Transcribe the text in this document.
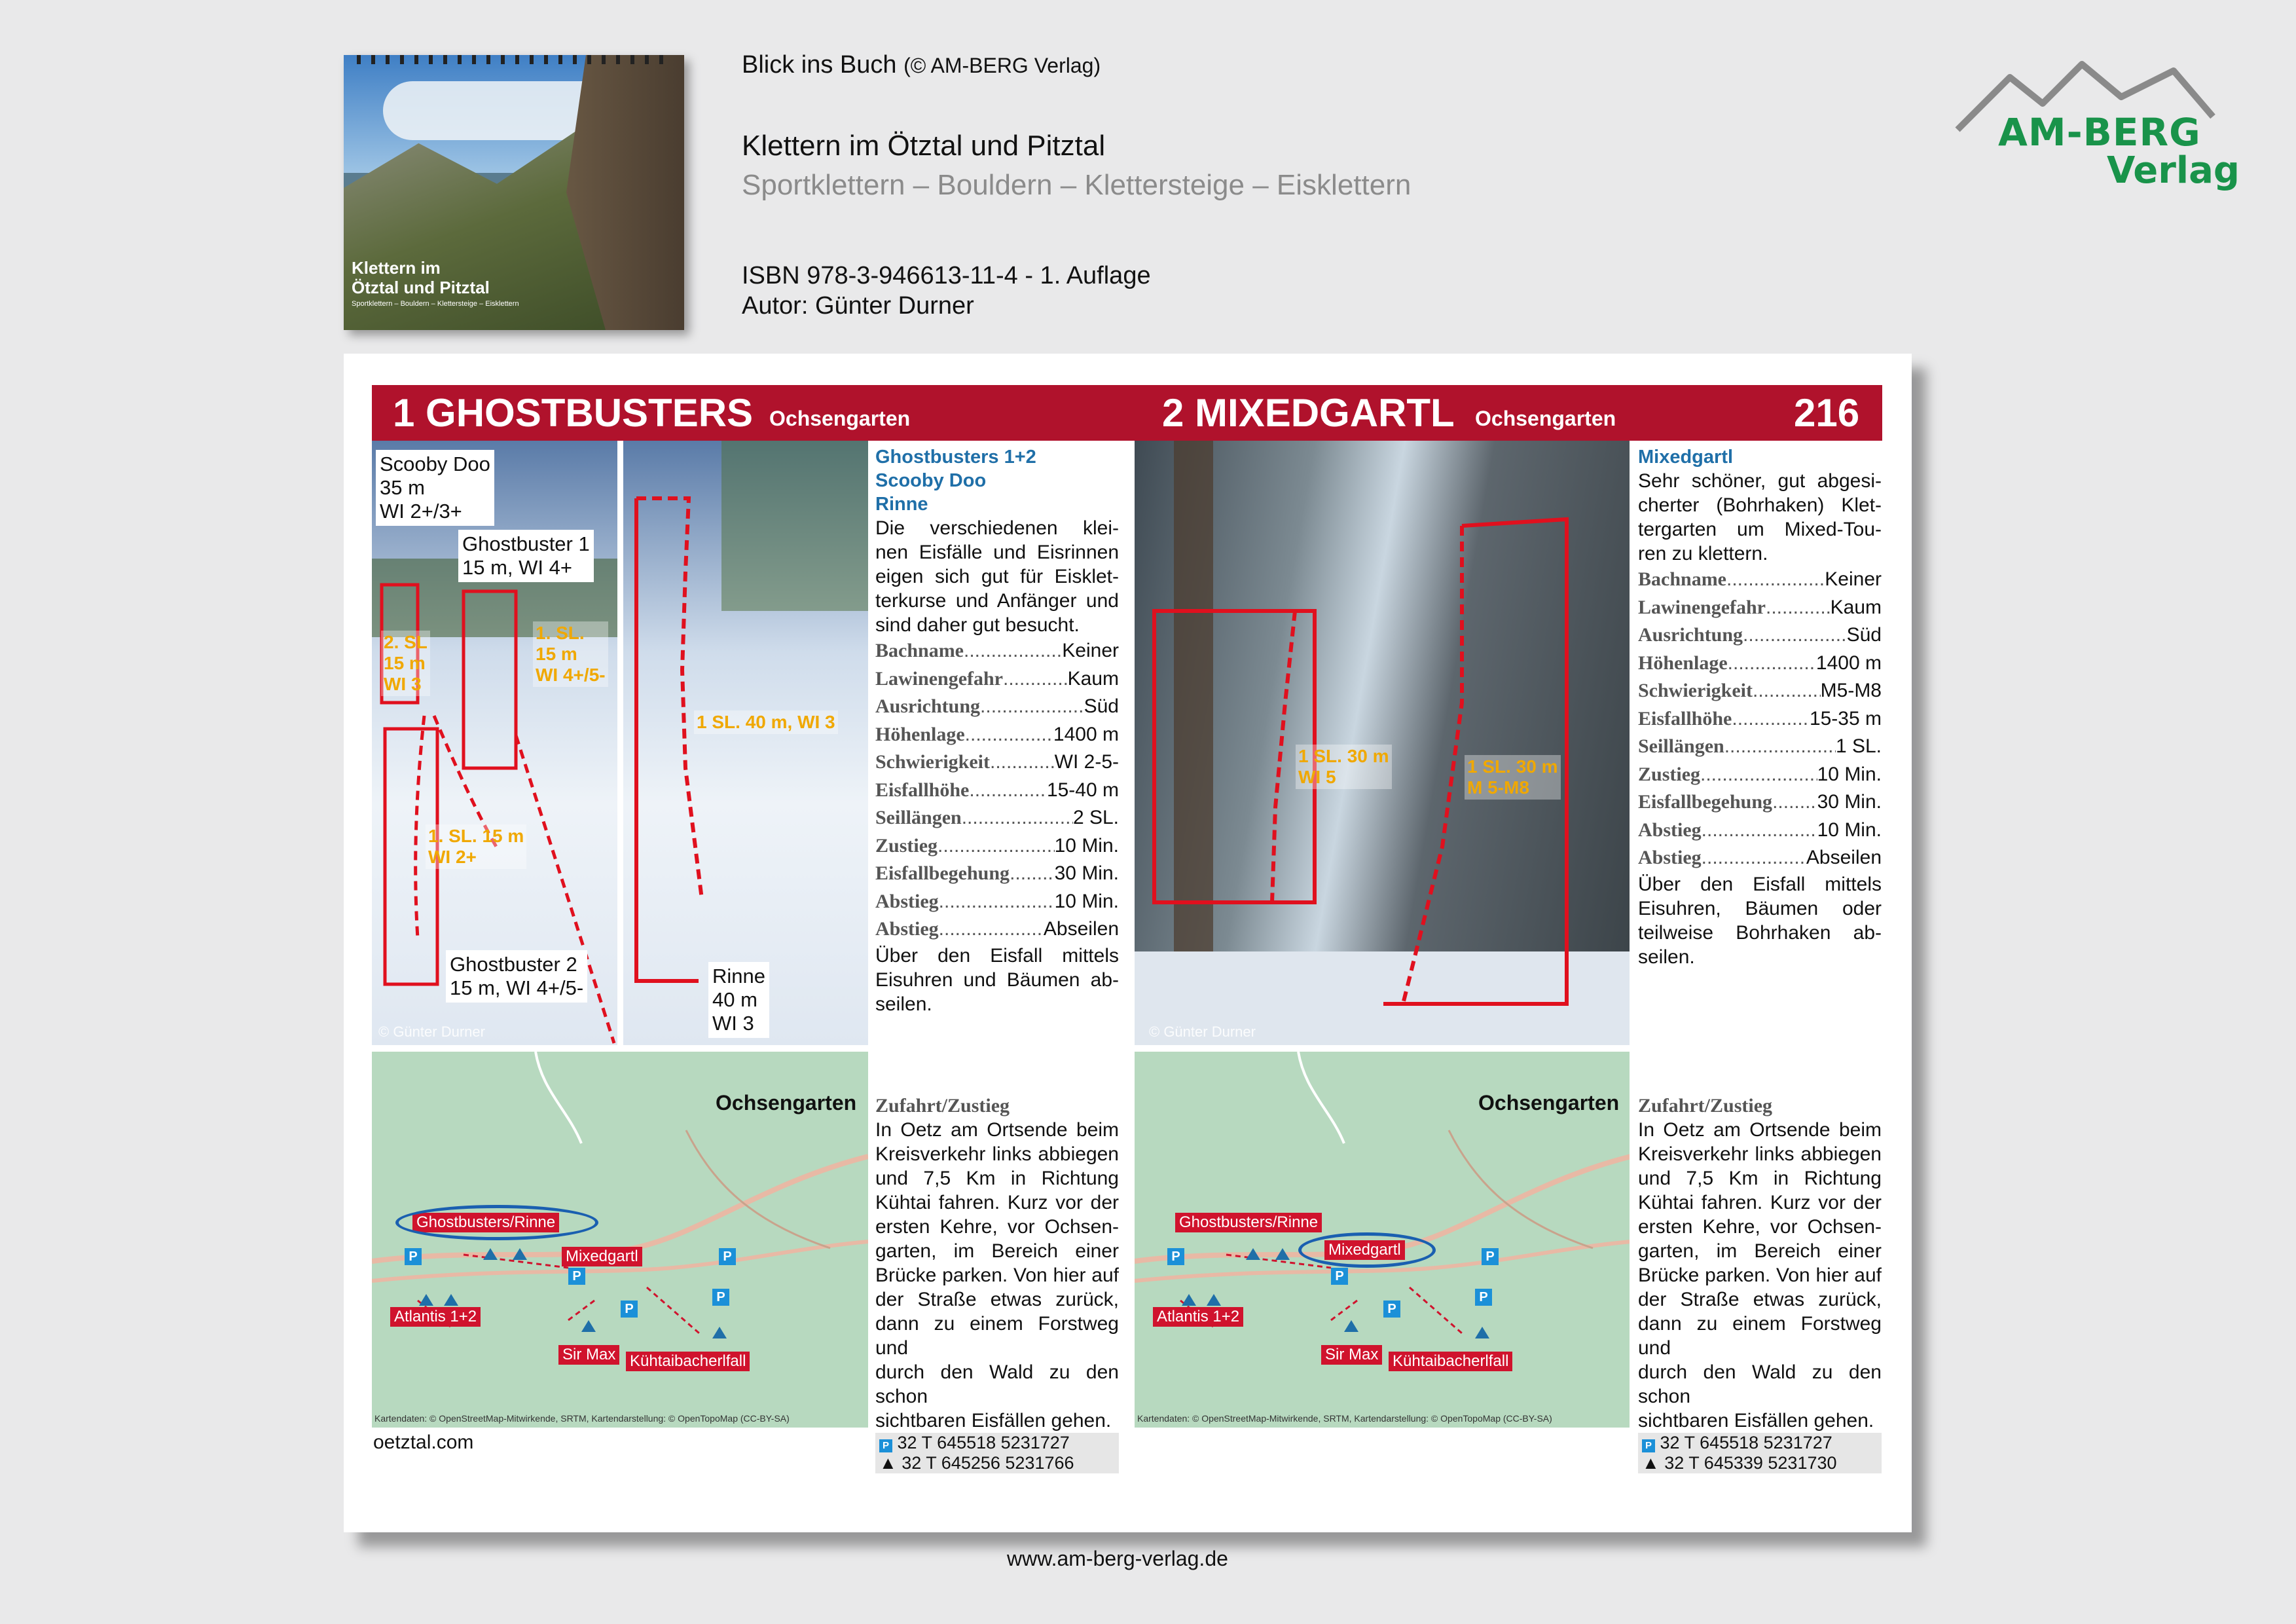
Klettern im
Ötztal und Pitztal
Sportklettern – Bouldern – Klettersteige – Eisklettern
Blick ins Buch (© AM-BERG Verlag)
Klettern im Ötztal und Pitztal
Sportklettern – Bouldern – Klettersteige – Eisklettern
ISBN 978-3-946613-11-4 - 1. Auflage
Autor: Günter Durner
AM-BERG
Verlag
1 GHOSTBUSTERS Ochsengarten	2 MIXEDGARTL Ochsengarten	216
Scooby Doo
35 m
WI 2+/3+
Ghostbuster 1
15 m, WI 4+
2. SL
15 m
WI 3
1. SL.
15 m
WI 4+/5-
1. SL. 15 m
WI 2+
Ghostbuster 2
15 m, WI 4+/5-
© Günter Durner
1 SL. 40 m, WI 3
Rinne
40 m
WI 3
Ghostbusters 1+2
Scooby Doo
Rinne
Die verschiedenen klei-
nen Eisfälle und Eisrinnen
eigen sich gut für Eisklet-
terkurse und Anfänger und
sind daher gut besucht.
Bachname .....	Keiner
Lawinengefahr .....	Kaum
Ausrichtung .....	Süd
Höhenlage .....	1400 m
Schwierigkeit .....	WI 2-5-
Eisfallhöhe .....	15-40 m
Seillängen .....	2 SL.
Zustieg .....	10 Min.
Eisfallbegehung ..... 30 Min.
Abstieg .....	10 Min.
Abstieg .....	Abseilen
Über den Eisfall mittels
Eisuhren und Bäumen ab-
seilen.
1 SL. 30 m
WI 5
1 SL. 30 m
M 5-M8
© Günter Durner
Mixedgartl
Sehr schöner, gut abgesi-
cherter (Bohrhaken) Klet-
tergarten um Mixed-Tou-
ren zu klettern.
Bachname .....	Keiner
Lawinengefahr .....	Kaum
Ausrichtung .....	Süd
Höhenlage .....	1400 m
Schwierigkeit .....	M5-M8
Eisfallhöhe .....	15-35 m
Seillängen .....	1 SL.
Zustieg .....	10 Min.
Eisfallbegehung ..... 30 Min.
Abstieg .....	10 Min.
Abstieg .....	Abseilen
Über den Eisfall mittels
Eisuhren, Bäumen oder
teilweise Bohrhaken ab-
seilen.
Ochsengarten
Ghostbusters/Rinne
Mixedgartl
Atlantis 1+2
Sir Max Kühtaibacherlfall
P
P
P
P
P
Kartendaten: © OpenStreetMap-Mitwirkende, SRTM, Kartendarstellung: © OpenTopoMap (CC-BY-SA)
Ochsengarten
Ghostbusters/Rinne
Mixedgartl
Atlantis 1+2
Sir Max Kühtaibacherlfall
P
P
P
P
P
Kartendaten: © OpenStreetMap-Mitwirkende, SRTM, Kartendarstellung: © OpenTopoMap (CC-BY-SA)
Zufahrt/Zustieg
In Oetz am Ortsende beim
Kreisverkehr links abbiegen
und 7,5 Km in Richtung
Kühtai fahren. Kurz vor der
ersten Kehre, vor Ochsen-
garten, im Bereich einer
Brücke parken. Von hier auf
der Straße etwas zurück,
dann zu einem Forstweg und
durch den Wald zu den schon
sichtbaren Eisfällen gehen.
P 32 T 645518 5231727
▲ 32 T 645256 5231766
Zufahrt/Zustieg
In Oetz am Ortsende beim
Kreisverkehr links abbiegen
und 7,5 Km in Richtung
Kühtai fahren. Kurz vor der
ersten Kehre, vor Ochsen-
garten, im Bereich einer
Brücke parken. Von hier auf
der Straße etwas zurück,
dann zu einem Forstweg und
durch den Wald zu den schon
sichtbaren Eisfällen gehen.
P 32 T 645518 5231727
▲ 32 T 645339 5231730
oetztal.com
www.am-berg-verlag.de
